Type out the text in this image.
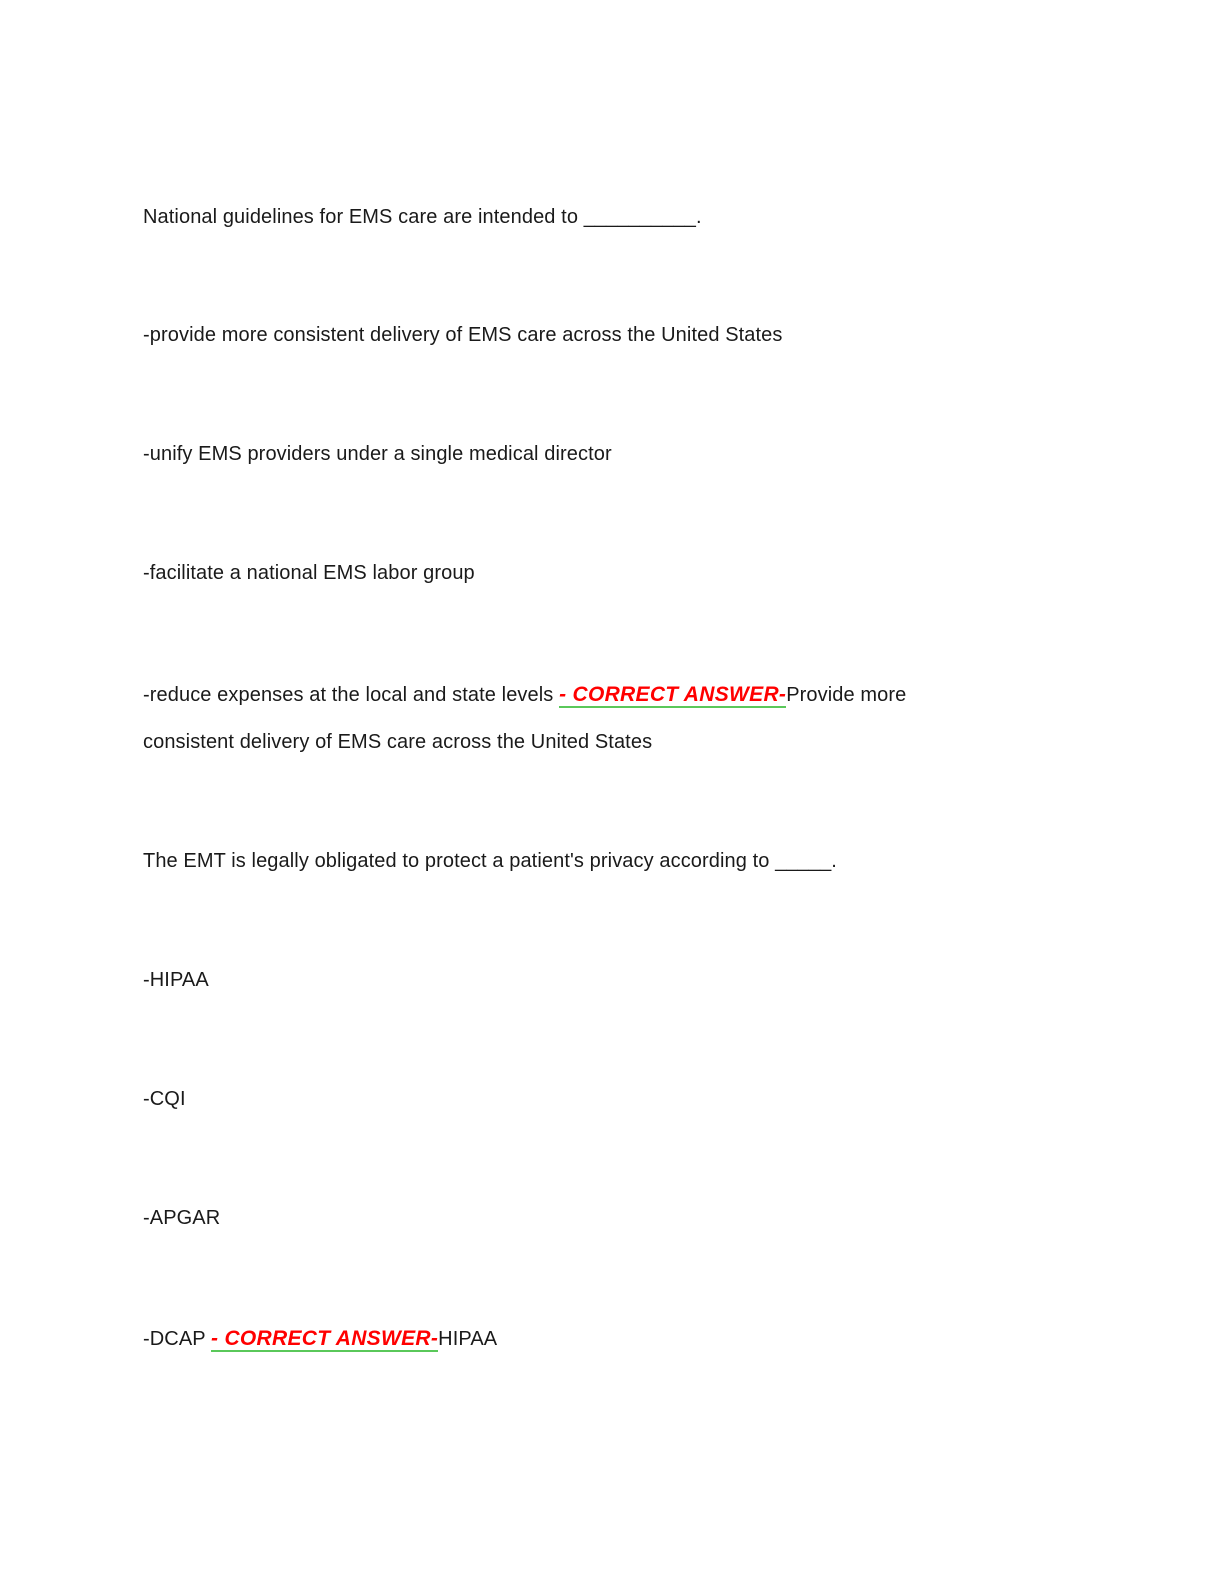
National guidelines for EMS care are intended to __________.
-provide more consistent delivery of EMS care across the United States
-unify EMS providers under a single medical director
-facilitate a national EMS labor group
-reduce expenses at the local and state levels - CORRECT ANSWER-Provide more
consistent delivery of EMS care across the United States
The EMT is legally obligated to protect a patient's privacy according to _____.
-HIPAA
-CQI
-APGAR
-DCAP - CORRECT ANSWER-HIPAA
